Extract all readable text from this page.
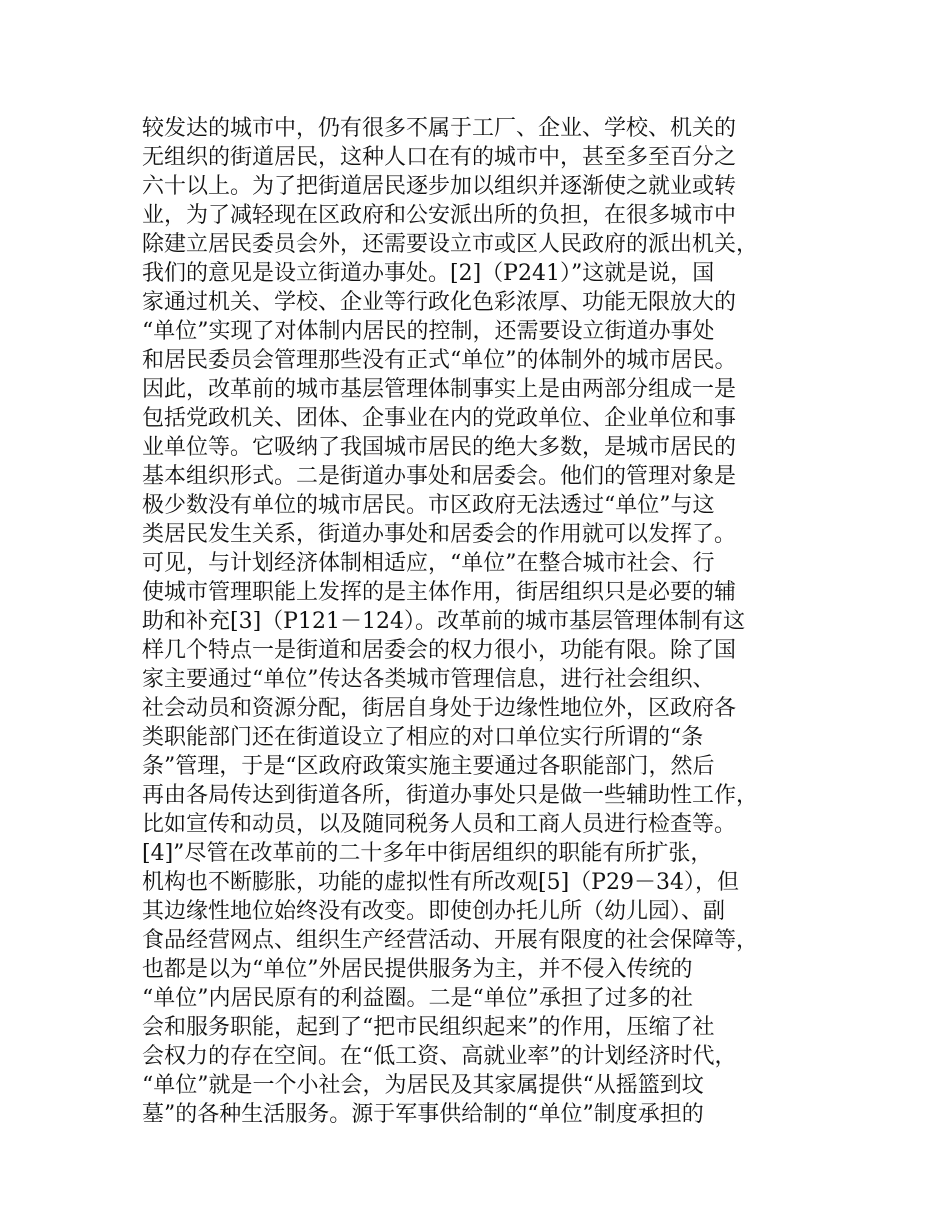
较发达的城市中，仍有很多不属于工厂、企业、学校、机关的
无组织的街道居民，这种人口在有的城市中，甚至多至百分之
六十以上。为了把街道居民逐步加以组织并逐渐使之就业或转
业，为了减轻现在区政府和公安派出所的负担，在很多城市中
除建立居民委员会外，还需要设立市或区人民政府的派出机关，
我们的意见是设立街道办事处。[2]（P241）”这就是说，国
家通过机关、学校、企业等行政化色彩浓厚、功能无限放大的
“单位”实现了对体制内居民的控制，还需要设立街道办事处
和居民委员会管理那些没有正式“单位”的体制外的城市居民。
因此，改革前的城市基层管理体制事实上是由两部分组成一是
包括党政机关、团体、企事业在内的党政单位、企业单位和事
业单位等。它吸纳了我国城市居民的绝大多数，是城市居民的
基本组织形式。二是街道办事处和居委会。他们的管理对象是
极少数没有单位的城市居民。市区政府无法透过“单位”与这
类居民发生关系，街道办事处和居委会的作用就可以发挥了。
可见，与计划经济体制相适应，“单位”在整合城市社会、行
使城市管理职能上发挥的是主体作用，街居组织只是必要的辅
助和补充[3]（P121－124）。改革前的城市基层管理体制有这
样几个特点一是街道和居委会的权力很小，功能有限。除了国
家主要通过“单位”传达各类城市管理信息，进行社会组织、
社会动员和资源分配，街居自身处于边缘性地位外，区政府各
类职能部门还在街道设立了相应的对口单位实行所谓的“条
条”管理，于是“区政府政策实施主要通过各职能部门，然后
再由各局传达到街道各所，街道办事处只是做一些辅助性工作，
比如宣传和动员，以及随同税务人员和工商人员进行检查等。
[4]”尽管在改革前的二十多年中街居组织的职能有所扩张，
机构也不断膨胀，功能的虚拟性有所改观[5]（P29－34），但
其边缘性地位始终没有改变。即使创办托儿所（幼儿园）、副
食品经营网点、组织生产经营活动、开展有限度的社会保障等，
也都是以为“单位”外居民提供服务为主，并不侵入传统的
“单位”内居民原有的利益圈。二是“单位”承担了过多的社
会和服务职能，起到了“把市民组织起来”的作用，压缩了社
会权力的存在空间。在“低工资、高就业率”的计划经济时代，
“单位”就是一个小社会，为居民及其家属提供“从摇篮到坟
墓”的各种生活服务。源于军事供给制的“单位”制度承担的
